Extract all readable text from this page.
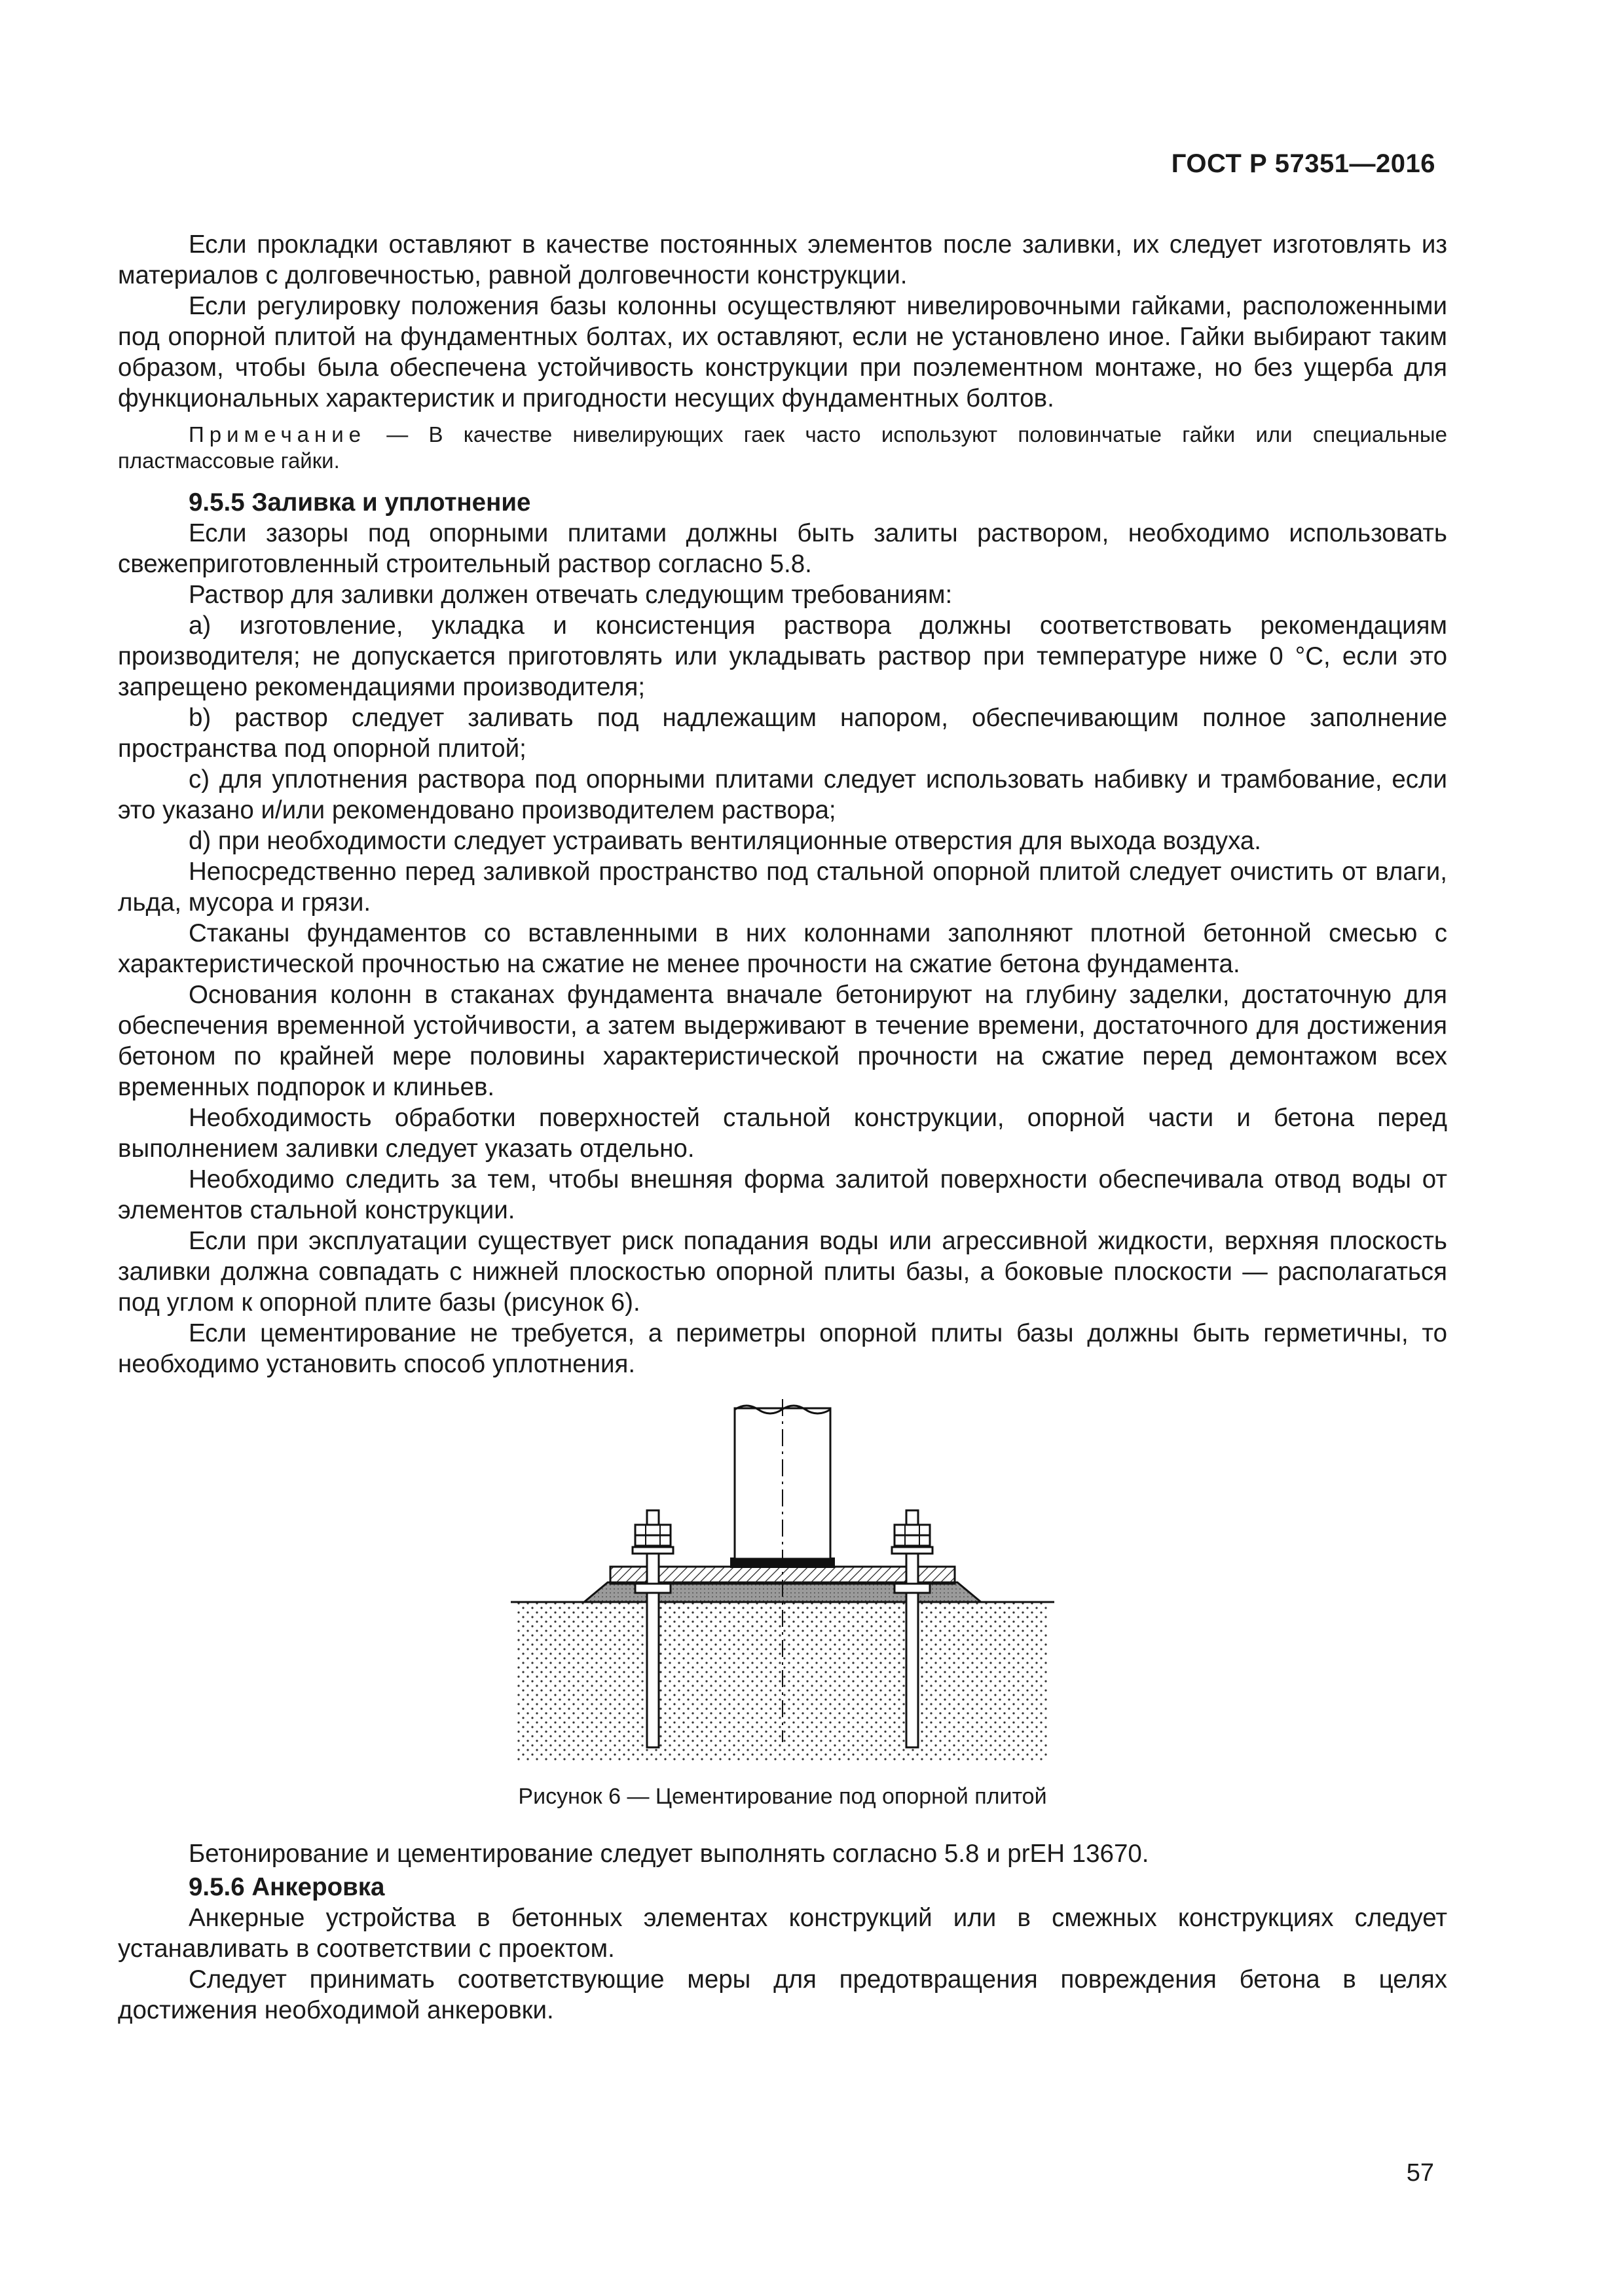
ГОСТ Р 57351—2016

Если прокладки оставляют в качестве постоянных элементов после заливки, их следует изготовлять из материалов с долговечностью, равной долговечности конструкции.

Если регулировку положения базы колонны осуществляют нивелировочными гайками, расположенными под опорной плитой на фундаментных болтах, их оставляют, если не установлено иное. Гайки выбирают таким образом, чтобы была обеспечена устойчивость конструкции при поэлементном монтаже, но без ущерба для функциональных характеристик и пригодности несущих фундаментных болтов.

Примечание — В качестве нивелирующих гаек часто используют половинчатые гайки или специальные пластмассовые гайки.

9.5.5 Заливка и уплотнение

Если зазоры под опорными плитами должны быть залиты раствором, необходимо использовать свежеприготовленный строительный раствор согласно 5.8.

Раствор для заливки должен отвечать следующим требованиям:

a) изготовление, укладка и консистенция раствора должны соответствовать рекомендациям производителя; не допускается приготовлять или укладывать раствор при температуре ниже 0 °С, если это запрещено рекомендациями производителя;

b) раствор следует заливать под надлежащим напором, обеспечивающим полное заполнение пространства под опорной плитой;

c) для уплотнения раствора под опорными плитами следует использовать набивку и трамбование, если это указано и/или рекомендовано производителем раствора;

d) при необходимости следует устраивать вентиляционные отверстия для выхода воздуха.

Непосредственно перед заливкой пространство под стальной опорной плитой следует очистить от влаги, льда, мусора и грязи.

Стаканы фундаментов со вставленными в них колоннами заполняют плотной бетонной смесью с характеристической прочностью на сжатие не менее прочности на сжатие бетона фундамента.

Основания колонн в стаканах фундамента вначале бетонируют на глубину заделки, достаточную для обеспечения временной устойчивости, а затем выдерживают в течение времени, достаточного для достижения бетоном по крайней мере половины характеристической прочности на сжатие перед демонтажом всех временных подпорок и клиньев.

Необходимость обработки поверхностей стальной конструкции, опорной части и бетона перед выполнением заливки следует указать отдельно.

Необходимо следить за тем, чтобы внешняя форма залитой поверхности обеспечивала отвод воды от элементов стальной конструкции.

Если при эксплуатации существует риск попадания воды или агрессивной жидкости, верхняя плоскость заливки должна совпадать с нижней плоскостью опорной плиты базы, а боковые плоскости — располагаться под углом к опорной плите базы (рисунок 6).

Если цементирование не требуется, а периметры опорной плиты базы должны быть герметичны, то необходимо установить способ уплотнения.

Рисунок 6 — Цементирование под опорной плитой

Бетонирование и цементирование следует выполнять согласно 5.8 и prЕН 13670.

9.5.6 Анкеровка

Анкерные устройства в бетонных элементах конструкций или в смежных конструкциях следует устанавливать в соответствии с проектом.

Следует принимать соответствующие меры для предотвращения повреждения бетона в целях достижения необходимой анкеровки.

57
